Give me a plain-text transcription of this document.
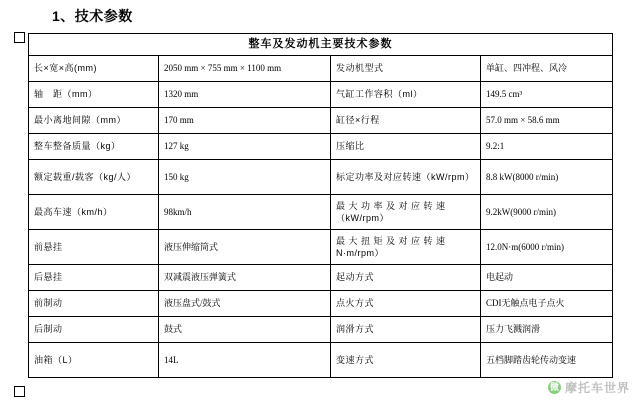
1、技术参数
整车及发动机主要技术参数			
长×宽×高(mm)	2050 mm × 755 mm × 1100 mm	发动机型式	单缸、四冲程、风冷
轴　距（mm）	1320 mm	气缸工作容积（ml）	149.5 cm³
最小离地间隙（mm）	170 mm	缸径×行程	57.0 mm × 58.6 mm
整车整备质量（kg）	127 kg	压缩比	9.2:1
额定载重/载客（kg/人）	150 kg	标定功率及对应转速（kW/rpm）	8.8 kW(8000 r/min)
最高车速（km/h）	98km/h	最 大 功 率 及 对 应 转 速（kW/rpm）	9.2kW(9000 r/min)
前悬挂	液压伸缩筒式	最 大 扭 矩 及 对 应 转 速N·m/rpm）	12.0N·m(6000 r/min)
后悬挂	双减震液压弹簧式	起动方式	电起动
前制动	液压盘式/鼓式	点火方式	CDI无触点电子点火
后制动	鼓式	润滑方式	压力飞溅润滑
油箱（L）	14L	变速方式	五档脚踏齿轮传动变速
微 摩托车世界
